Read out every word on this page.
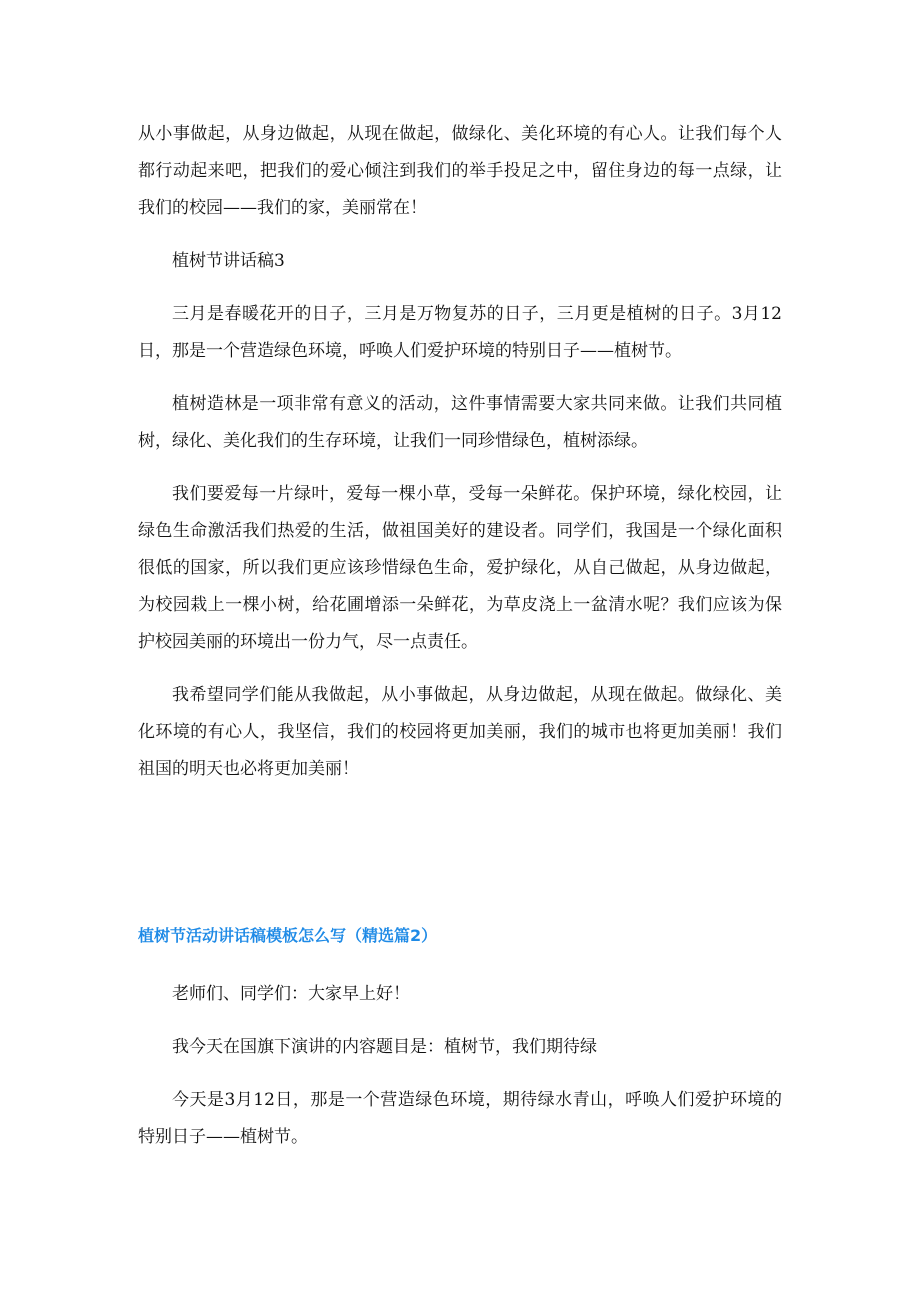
从小事做起，从身边做起，从现在做起，做绿化、美化环境的有心人。让我们每个人都行动起来吧，把我们的爱心倾注到我们的举手投足之中，留住身边的每一点绿，让我们的校园——我们的家，美丽常在！

植树节讲话稿3

三月是春暖花开的日子，三月是万物复苏的日子，三月更是植树的日子。3月12日，那是一个营造绿色环境，呼唤人们爱护环境的特别日子——植树节。

植树造林是一项非常有意义的活动，这件事情需要大家共同来做。让我们共同植树，绿化、美化我们的生存环境，让我们一同珍惜绿色，植树添绿。

我们要爱每一片绿叶，爱每一棵小草，受每一朵鲜花。保护环境，绿化校园，让绿色生命激活我们热爱的生活，做祖国美好的建设者。同学们，我国是一个绿化面积很低的国家，所以我们更应该珍惜绿色生命，爱护绿化，从自己做起，从身边做起，为校园栽上一棵小树，给花圃增添一朵鲜花，为草皮浇上一盆清水呢？我们应该为保护校园美丽的环境出一份力气，尽一点责任。

我希望同学们能从我做起，从小事做起，从身边做起，从现在做起。做绿化、美化环境的有心人，我坚信，我们的校园将更加美丽，我们的城市也将更加美丽！我们祖国的明天也必将更加美丽！

植树节活动讲话稿模板怎么写（精选篇2）

老师们、同学们：大家早上好！

我今天在国旗下演讲的内容题目是：植树节，我们期待绿

今天是3月12日，那是一个营造绿色环境，期待绿水青山，呼唤人们爱护环境的特别日子——植树节。
